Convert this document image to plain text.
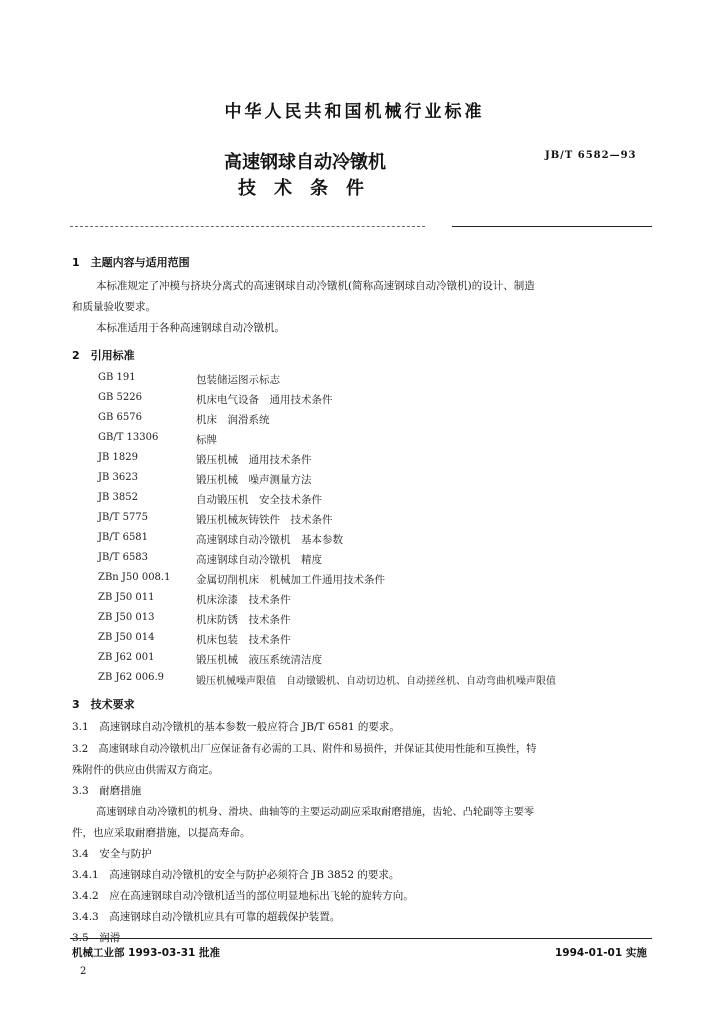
中华人民共和国机械行业标准
高速钢球自动冷镦机
技术条件
JB/T 6582—93
1　主题内容与适用范围
本标准规定了冲模与挤块分离式的高速钢球自动冷镦机(简称高速钢球自动冷镦机)的设计、制造
和质量验收要求。
本标准适用于各种高速钢球自动冷镦机。
2　引用标准
GB 191	包装储运图示标志
GB 5226	机床电气设备　通用技术条件
GB 6576	机床　润滑系统
GB/T 13306	标牌
JB 1829	锻压机械　通用技术条件
JB 3623	锻压机械　噪声测量方法
JB 3852	自动锻压机　安全技术条件
JB/T 5775	锻压机械灰铸铁件　技术条件
JB/T 6581	高速钢球自动冷镦机　基本参数
JB/T 6583	高速钢球自动冷镦机　精度
ZBn J50 008.1 金属切削机床　机械加工件通用技术条件
ZB J50 011	机床涂漆　技术条件
ZB J50 013	机床防锈　技术条件
ZB J50 014	机床包装　技术条件
ZB J62 001	锻压机械　液压系统清洁度
ZB J62 006.9	锻压机械噪声限值　自动镦锻机、自动切边机、自动搓丝机、自动弯曲机噪声限值
3　技术要求
3.1　高速钢球自动冷镦机的基本参数一般应符合 JB/T 6581 的要求。
3.2　高速钢球自动冷镦机出厂应保证备有必需的工具、附件和易损件，并保证其使用性能和互换性，特
殊附件的供应由供需双方商定。
3.3　耐磨措施
高速钢球自动冷镦机的机身、滑块、曲轴等的主要运动副应采取耐磨措施，齿轮、凸轮副等主要零
件，也应采取耐磨措施，以提高寿命。
3.4　安全与防护
3.4.1　高速钢球自动冷镦机的安全与防护必须符合 JB 3852 的要求。
3.4.2　应在高速钢球自动冷镦机适当的部位明显地标出飞轮的旋转方向。
3.4.3　高速钢球自动冷镦机应具有可靠的超载保护装置。
3.5　润滑
机械工业部 1993-03-31 批准	1994-01-01 实施
2
